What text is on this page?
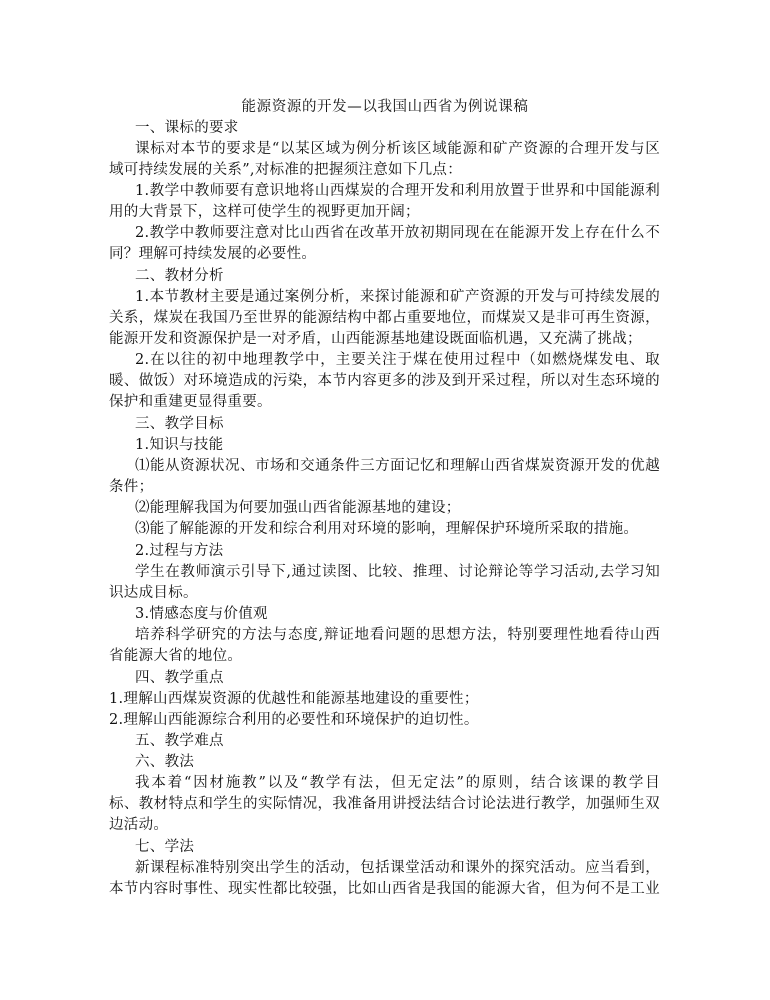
能源资源的开发—以我国山西省为例说课稿
一、课标的要求
课标对本节的要求是“以某区域为例分析该区域能源和矿产资源的合理开发与区
域可持续发展的关系”,对标准的把握须注意如下几点：
1.教学中教师要有意识地将山西煤炭的合理开发和利用放置于世界和中国能源利
用的大背景下，这样可使学生的视野更加开阔；
2.教学中教师要注意对比山西省在改革开放初期同现在在能源开发上存在什么不
同？理解可持续发展的必要性。
二、教材分析
1.本节教材主要是通过案例分析，来探讨能源和矿产资源的开发与可持续发展的
关系，煤炭在我国乃至世界的能源结构中都占重要地位，而煤炭又是非可再生资源，
能源开发和资源保护是一对矛盾，山西能源基地建设既面临机遇，又充满了挑战；
2.在以往的初中地理教学中，主要关注于煤在使用过程中（如燃烧煤发电、取
暖、做饭）对环境造成的污染，本节内容更多的涉及到开采过程，所以对生态环境的
保护和重建更显得重要。
三、教学目标
1.知识与技能
⑴能从资源状况、市场和交通条件三方面记忆和理解山西省煤炭资源开发的优越
条件；
⑵能理解我国为何要加强山西省能源基地的建设；
⑶能了解能源的开发和综合利用对环境的影响，理解保护环境所采取的措施。
2.过程与方法
学生在教师演示引导下,通过读图、比较、推理、讨论辩论等学习活动,去学习知
识达成目标。
3.情感态度与价值观
培养科学研究的方法与态度,辩证地看问题的思想方法，特别要理性地看待山西
省能源大省的地位。
四、教学重点
1.理解山西煤炭资源的优越性和能源基地建设的重要性；
2.理解山西能源综合利用的必要性和环境保护的迫切性。
五、教学难点
六、教法
我本着“因材施教”以及“教学有法，但无定法”的原则，结合该课的教学目
标、教材特点和学生的实际情况，我准备用讲授法结合讨论法进行教学，加强师生双
边活动。
七、学法
新课程标准特别突出学生的活动，包括课堂活动和课外的探究活动。应当看到，
本节内容时事性、现实性都比较强，比如山西省是我国的能源大省，但为何不是工业
